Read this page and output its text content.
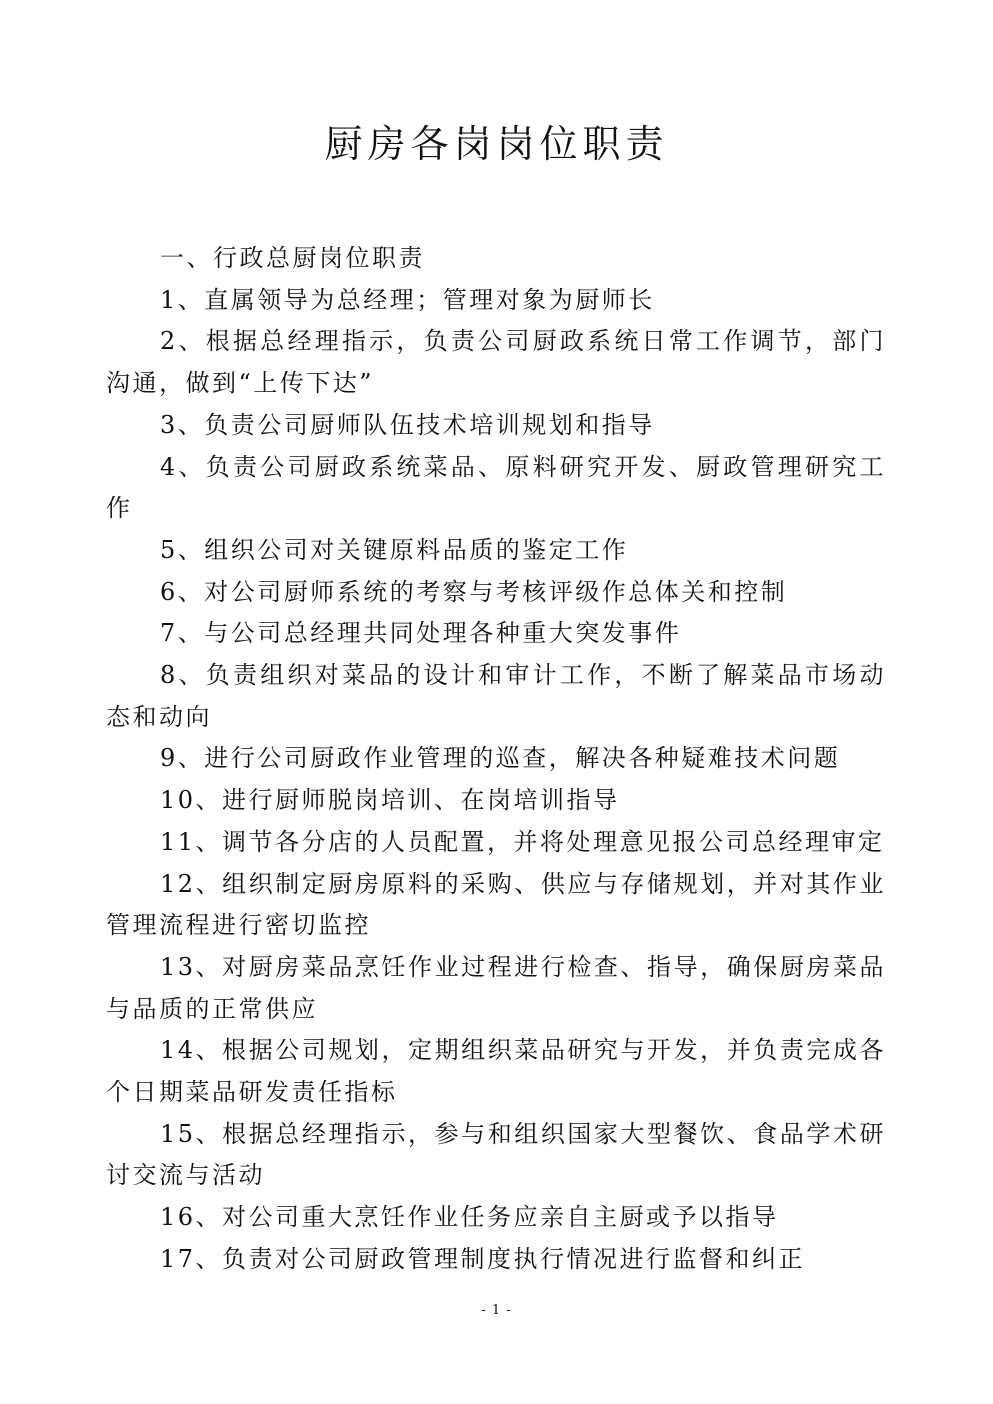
厨房各岗岗位职责

一、行政总厨岗位职责

1、直属领导为总经理；管理对象为厨师长

2、根据总经理指示，负责公司厨政系统日常工作调节，部门沟通，做到“上传下达”

3、负责公司厨师队伍技术培训规划和指导

4、负责公司厨政系统菜品、原料研究开发、厨政管理研究工作

5、组织公司对关键原料品质的鉴定工作

6、对公司厨师系统的考察与考核评级作总体关和控制

7、与公司总经理共同处理各种重大突发事件

8、负责组织对菜品的设计和审计工作，不断了解菜品市场动态和动向

9、进行公司厨政作业管理的巡查，解决各种疑难技术问题

10、进行厨师脱岗培训、在岗培训指导

11、调节各分店的人员配置，并将处理意见报公司总经理审定

12、组织制定厨房原料的采购、供应与存储规划，并对其作业管理流程进行密切监控

13、对厨房菜品烹饪作业过程进行检查、指导，确保厨房菜品与品质的正常供应

14、根据公司规划，定期组织菜品研究与开发，并负责完成各个日期菜品研发责任指标

15、根据总经理指示，参与和组织国家大型餐饮、食品学术研讨交流与活动

16、对公司重大烹饪作业任务应亲自主厨或予以指导

17、负责对公司厨政管理制度执行情况进行监督和纠正

- 1 -
